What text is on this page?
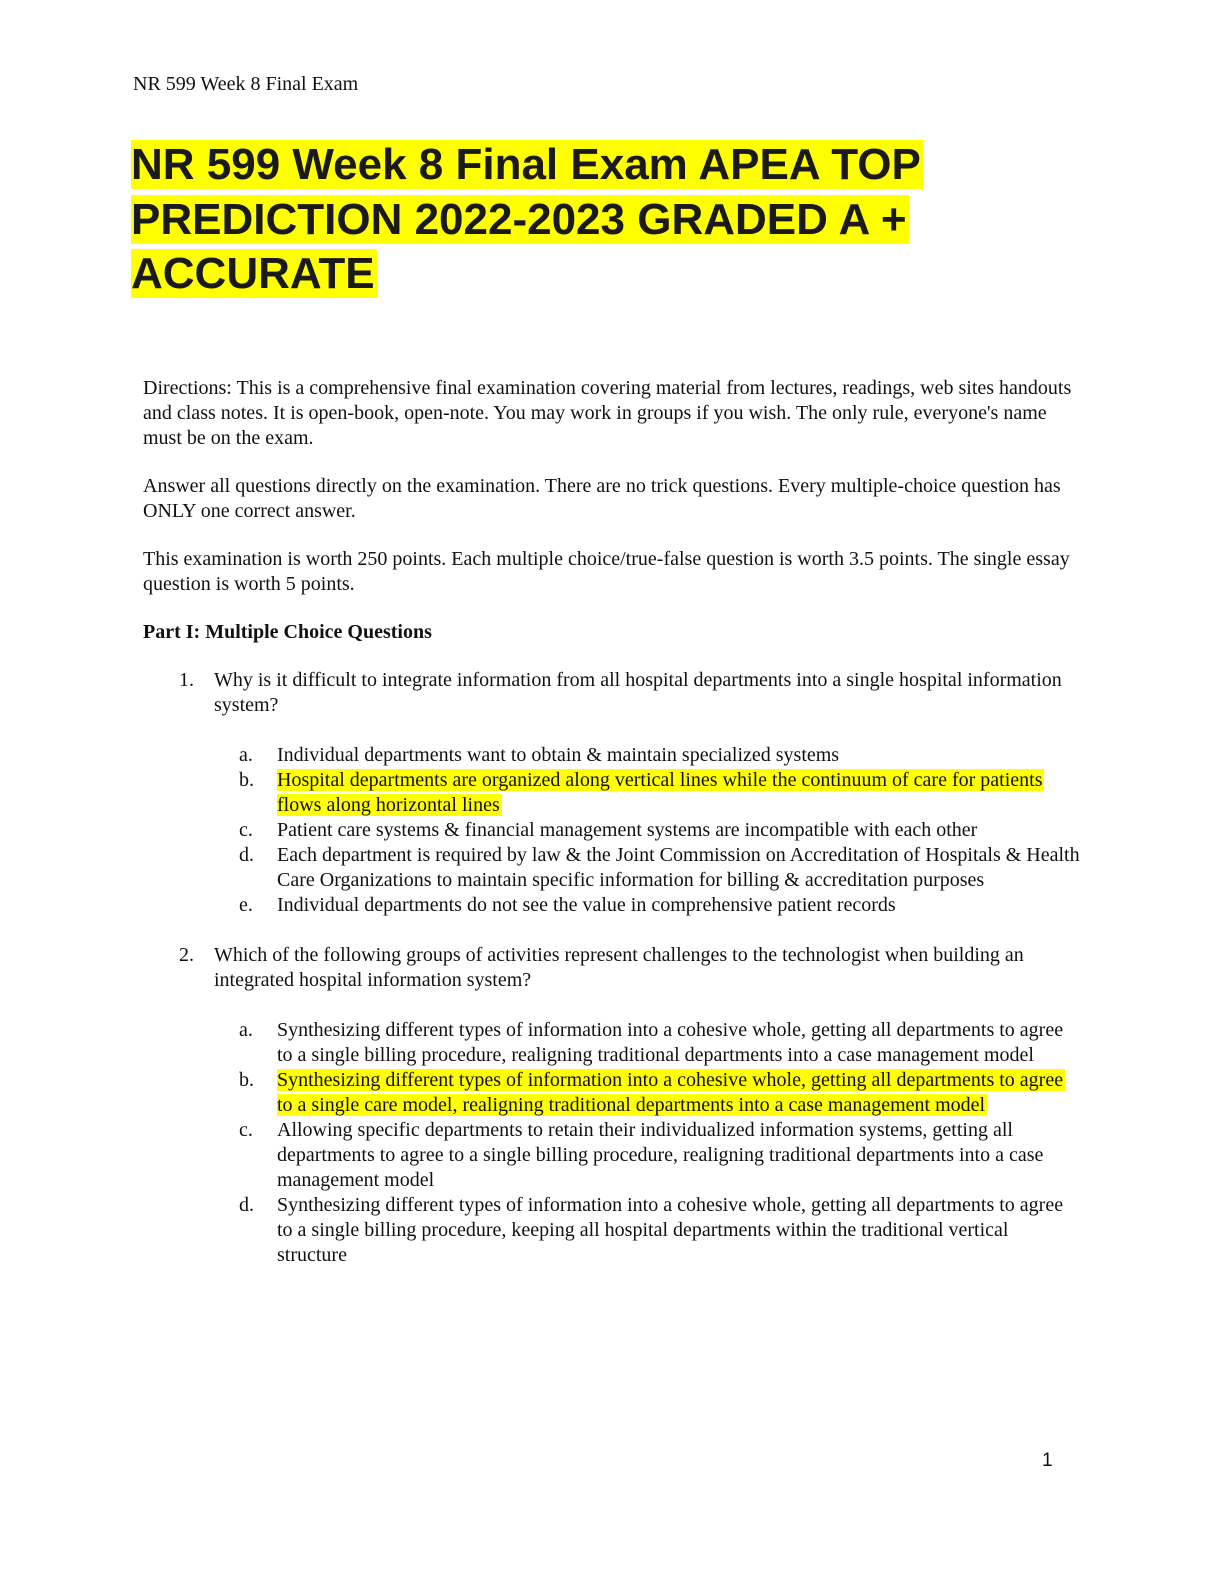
NR 599 Week 8 Final Exam
NR 599 Week 8 Final Exam APEA TOP
PREDICTION 2022-2023 GRADED A +
ACCURATE

Directions: This is a comprehensive final examination covering material from lectures, readings, web sites handouts and class notes. It is open-book, open-note. You may work in groups if you wish. The only rule, everyone's name must be on the exam.

Answer all questions directly on the examination. There are no trick questions. Every multiple-choice question has ONLY one correct answer.

This examination is worth 250 points. Each multiple choice/true-false question is worth 3.5 points. The single essay question is worth 5 points.

Part I: Multiple Choice Questions

1. Why is it difficult to integrate information from all hospital departments into a single hospital information system?
a. Individual departments want to obtain & maintain specialized systems
b. Hospital departments are organized along vertical lines while the continuum of care for patients flows along horizontal lines
c. Patient care systems & financial management systems are incompatible with each other
d. Each department is required by law & the Joint Commission on Accreditation of Hospitals & Health Care Organizations to maintain specific information for billing & accreditation purposes
e. Individual departments do not see the value in comprehensive patient records
2. Which of the following groups of activities represent challenges to the technologist when building an integrated hospital information system?
a. Synthesizing different types of information into a cohesive whole, getting all departments to agree to a single billing procedure, realigning traditional departments into a case management model
b. Synthesizing different types of information into a cohesive whole, getting all departments to agree to a single care model, realigning traditional departments into a case management model
c. Allowing specific departments to retain their individualized information systems, getting all departments to agree to a single billing procedure, realigning traditional departments into a case management model
d. Synthesizing different types of information into a cohesive whole, getting all departments to agree to a single billing procedure, keeping all hospital departments within the traditional vertical structure
1
